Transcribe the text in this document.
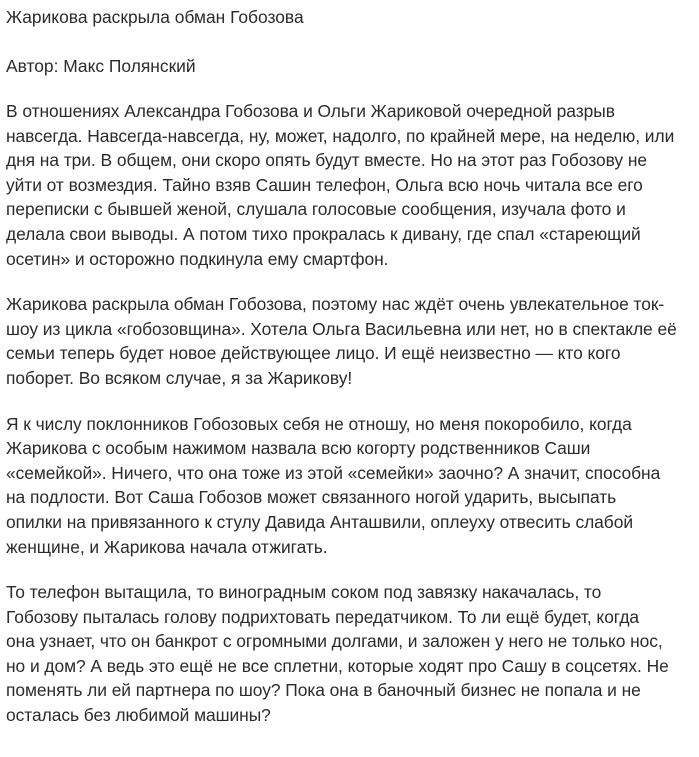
Жарикова раскрыла обман Гобозова

Автор: Макс Полянский

В отношениях Александра Гобозова и Ольги Жариковой очередной разрыв
навсегда. Навсегда-навсегда, ну, может, надолго, по крайней мере, на неделю, или
дня на три. В общем, они скоро опять будут вместе. Но на этот раз Гобозову не
уйти от возмездия. Тайно взяв Сашин телефон, Ольга всю ночь читала все его
переписки с бывшей женой, слушала голосовые сообщения, изучала фото и
делала свои выводы. А потом тихо прокралась к дивану, где спал «стареющий
осетин» и осторожно подкинула ему смартфон.

Жарикова раскрыла обман Гобозова, поэтому нас ждёт очень увлекательное ток-
шоу из цикла «гобозовщина». Хотела Ольга Васильевна или нет, но в спектакле её
семьи теперь будет новое действующее лицо. И ещё неизвестно — кто кого
поборет. Во всяком случае, я за Жарикову!

Я к числу поклонников Гобозовых себя не отношу, но меня покоробило, когда
Жарикова с особым нажимом назвала всю когорту родственников Саши
«семейкой». Ничего, что она тоже из этой «семейки» заочно? А значит, способна
на подлости. Вот Саша Гобозов может связанного ногой ударить, высыпать
опилки на привязанного к стулу Давида Анташвили, оплеуху отвесить слабой
женщине, и Жарикова начала отжигать.

То телефон вытащила, то виноградным соком под завязку накачалась, то
Гобозову пыталась голову подрихтовать передатчиком. То ли ещё будет, когда
она узнает, что он банкрот с огромными долгами, и заложен у него не только нос,
но и дом? А ведь это ещё не все сплетни, которые ходят про Сашу в соцсетях. Не
поменять ли ей партнера по шоу? Пока она в баночный бизнес не попала и не
осталась без любимой машины?
